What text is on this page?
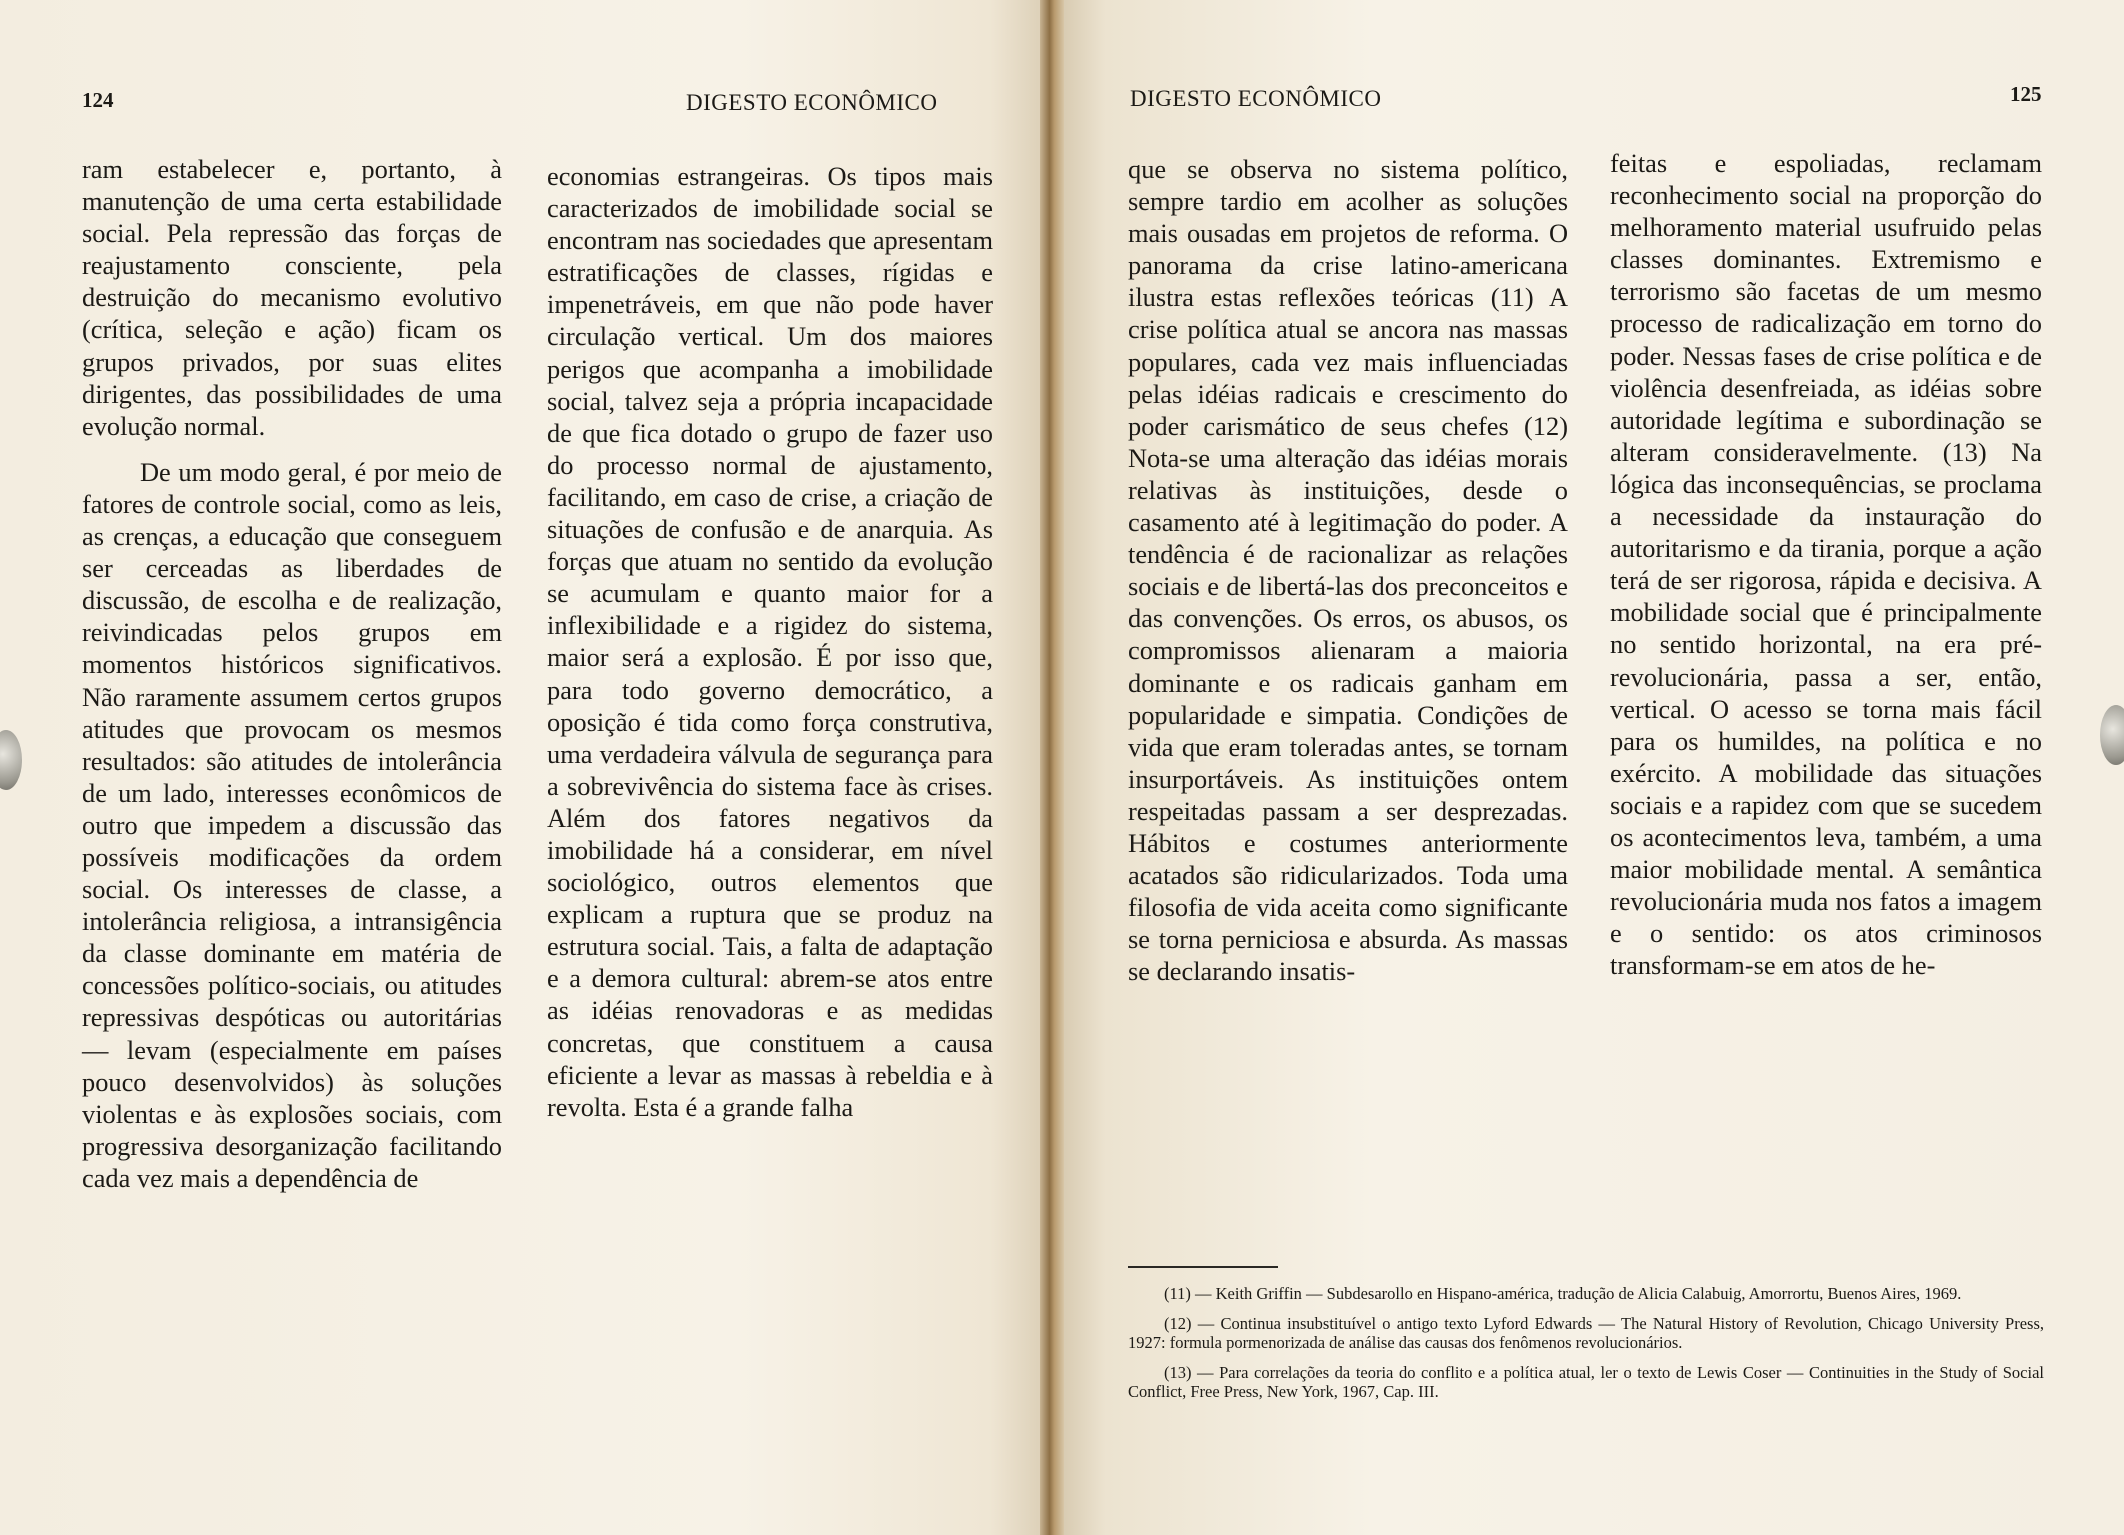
124	DIGESTO ECONÔMICO

ram estabelecer e, portanto, à manutenção de uma certa estabilidade social. Pela repressão das forças de reajustamento consciente, pela destruição do mecanismo evolutivo (crítica, seleção e ação) ficam os grupos privados, por suas elites dirigentes, das possibilidades de uma evolução normal.

De um modo geral, é por meio de fatores de controle social, como as leis, as crenças, a educação que conseguem ser cerceadas as liberdades de discussão, de escolha e de realização, reivindicadas pelos grupos em momentos históricos significativos. Não raramente assumem certos grupos atitudes que provocam os mesmos resultados: são atitudes de intolerância de um lado, interesses econômicos de outro que impedem a discussão das possíveis modificações da ordem social. Os interesses de classe, a intolerância religiosa, a intransigência da classe dominante em matéria de concessões político-sociais, ou atitudes repressivas despóticas ou autoritárias — levam (especialmente em países pouco desenvolvidos) às soluções violentas e às explosões sociais, com progressiva desorganização facilitando cada vez mais a dependência de

economias estrangeiras. Os tipos mais caracterizados de imobilidade social se encontram nas sociedades que apresentam estratificações de classes, rígidas e impenetráveis, em que não pode haver circulação vertical. Um dos maiores perigos que acompanha a imobilidade social, talvez seja a própria incapacidade de que fica dotado o grupo de fazer uso do processo normal de ajustamento, facilitando, em caso de crise, a criação de situações de confusão e de anarquia. As forças que atuam no sentido da evolução se acumulam e quanto maior for a inflexibilidade e a rigidez do sistema, maior será a explosão. É por isso que, para todo governo democrático, a oposição é tida como força construtiva, uma verdadeira válvula de segurança para a sobrevivência do sistema face às crises. Além dos fatores negativos da imobilidade há a considerar, em nível sociológico, outros elementos que explicam a ruptura que se produz na estrutura social. Tais, a falta de adaptação e a demora cultural: abrem-se atos entre as idéias renovadoras e as medidas concretas, que constituem a causa eficiente a levar as massas à rebeldia e à revolta. Esta é a grande falha

DIGESTO ECONÔMICO	125

que se observa no sistema político, sempre tardio em acolher as soluções mais ousadas em projetos de reforma. O panorama da crise latino-americana ilustra estas reflexões teóricas (11) A crise política atual se ancora nas massas populares, cada vez mais influenciadas pelas idéias radicais e crescimento do poder carismático de seus chefes (12) Nota-se uma alteração das idéias morais relativas às instituições, desde o casamento até à legitimação do poder. A tendência é de racionalizar as relações sociais e de libertá-las dos preconceitos e das convenções. Os erros, os abusos, os compromissos alienaram a maioria dominante e os radicais ganham em popularidade e simpatia. Condições de vida que eram toleradas antes, se tornam insurportáveis. As instituições ontem respeitadas passam a ser desprezadas. Hábitos e costumes anteriormente acatados são ridicularizados. Toda uma filosofia de vida aceita como significante se torna perniciosa e absurda. As massas se declarando insatis-

feitas e espoliadas, reclamam reconhecimento social na proporção do melhoramento material usufruido pelas classes dominantes. Extremismo e terrorismo são facetas de um mesmo processo de radicalização em torno do poder. Nessas fases de crise política e de violência desenfreiada, as idéias sobre autoridade legítima e subordinação se alteram consideravelmente. (13) Na lógica das inconsequências, se proclama a necessidade da instauração do autoritarismo e da tirania, porque a ação terá de ser rigorosa, rápida e decisiva. A mobilidade social que é principalmente no sentido horizontal, na era pré-revolucionária, passa a ser, então, vertical. O acesso se torna mais fácil para os humildes, na política e no exército. A mobilidade das situações sociais e a rapidez com que se sucedem os acontecimentos leva, também, a uma maior mobilidade mental. A semântica revolucionária muda nos fatos a imagem e o sentido: os atos criminosos transformam-se em atos de he-

(11) — Keith Griffin — Subdesarollo en Hispano-américa, tradução de Alicia Calabuig, Amorrortu, Buenos Aires, 1969.

(12) — Continua insubstituível o antigo texto Lyford Edwards — The Natural History of Revolution, Chicago University Press, 1927: formula pormenorizada de análise das causas dos fenômenos revolucionários.

(13) — Para correlações da teoria do conflito e a política atual, ler o texto de Lewis Coser — Continuities in the Study of Social Conflict, Free Press, New York, 1967, Cap. III.
